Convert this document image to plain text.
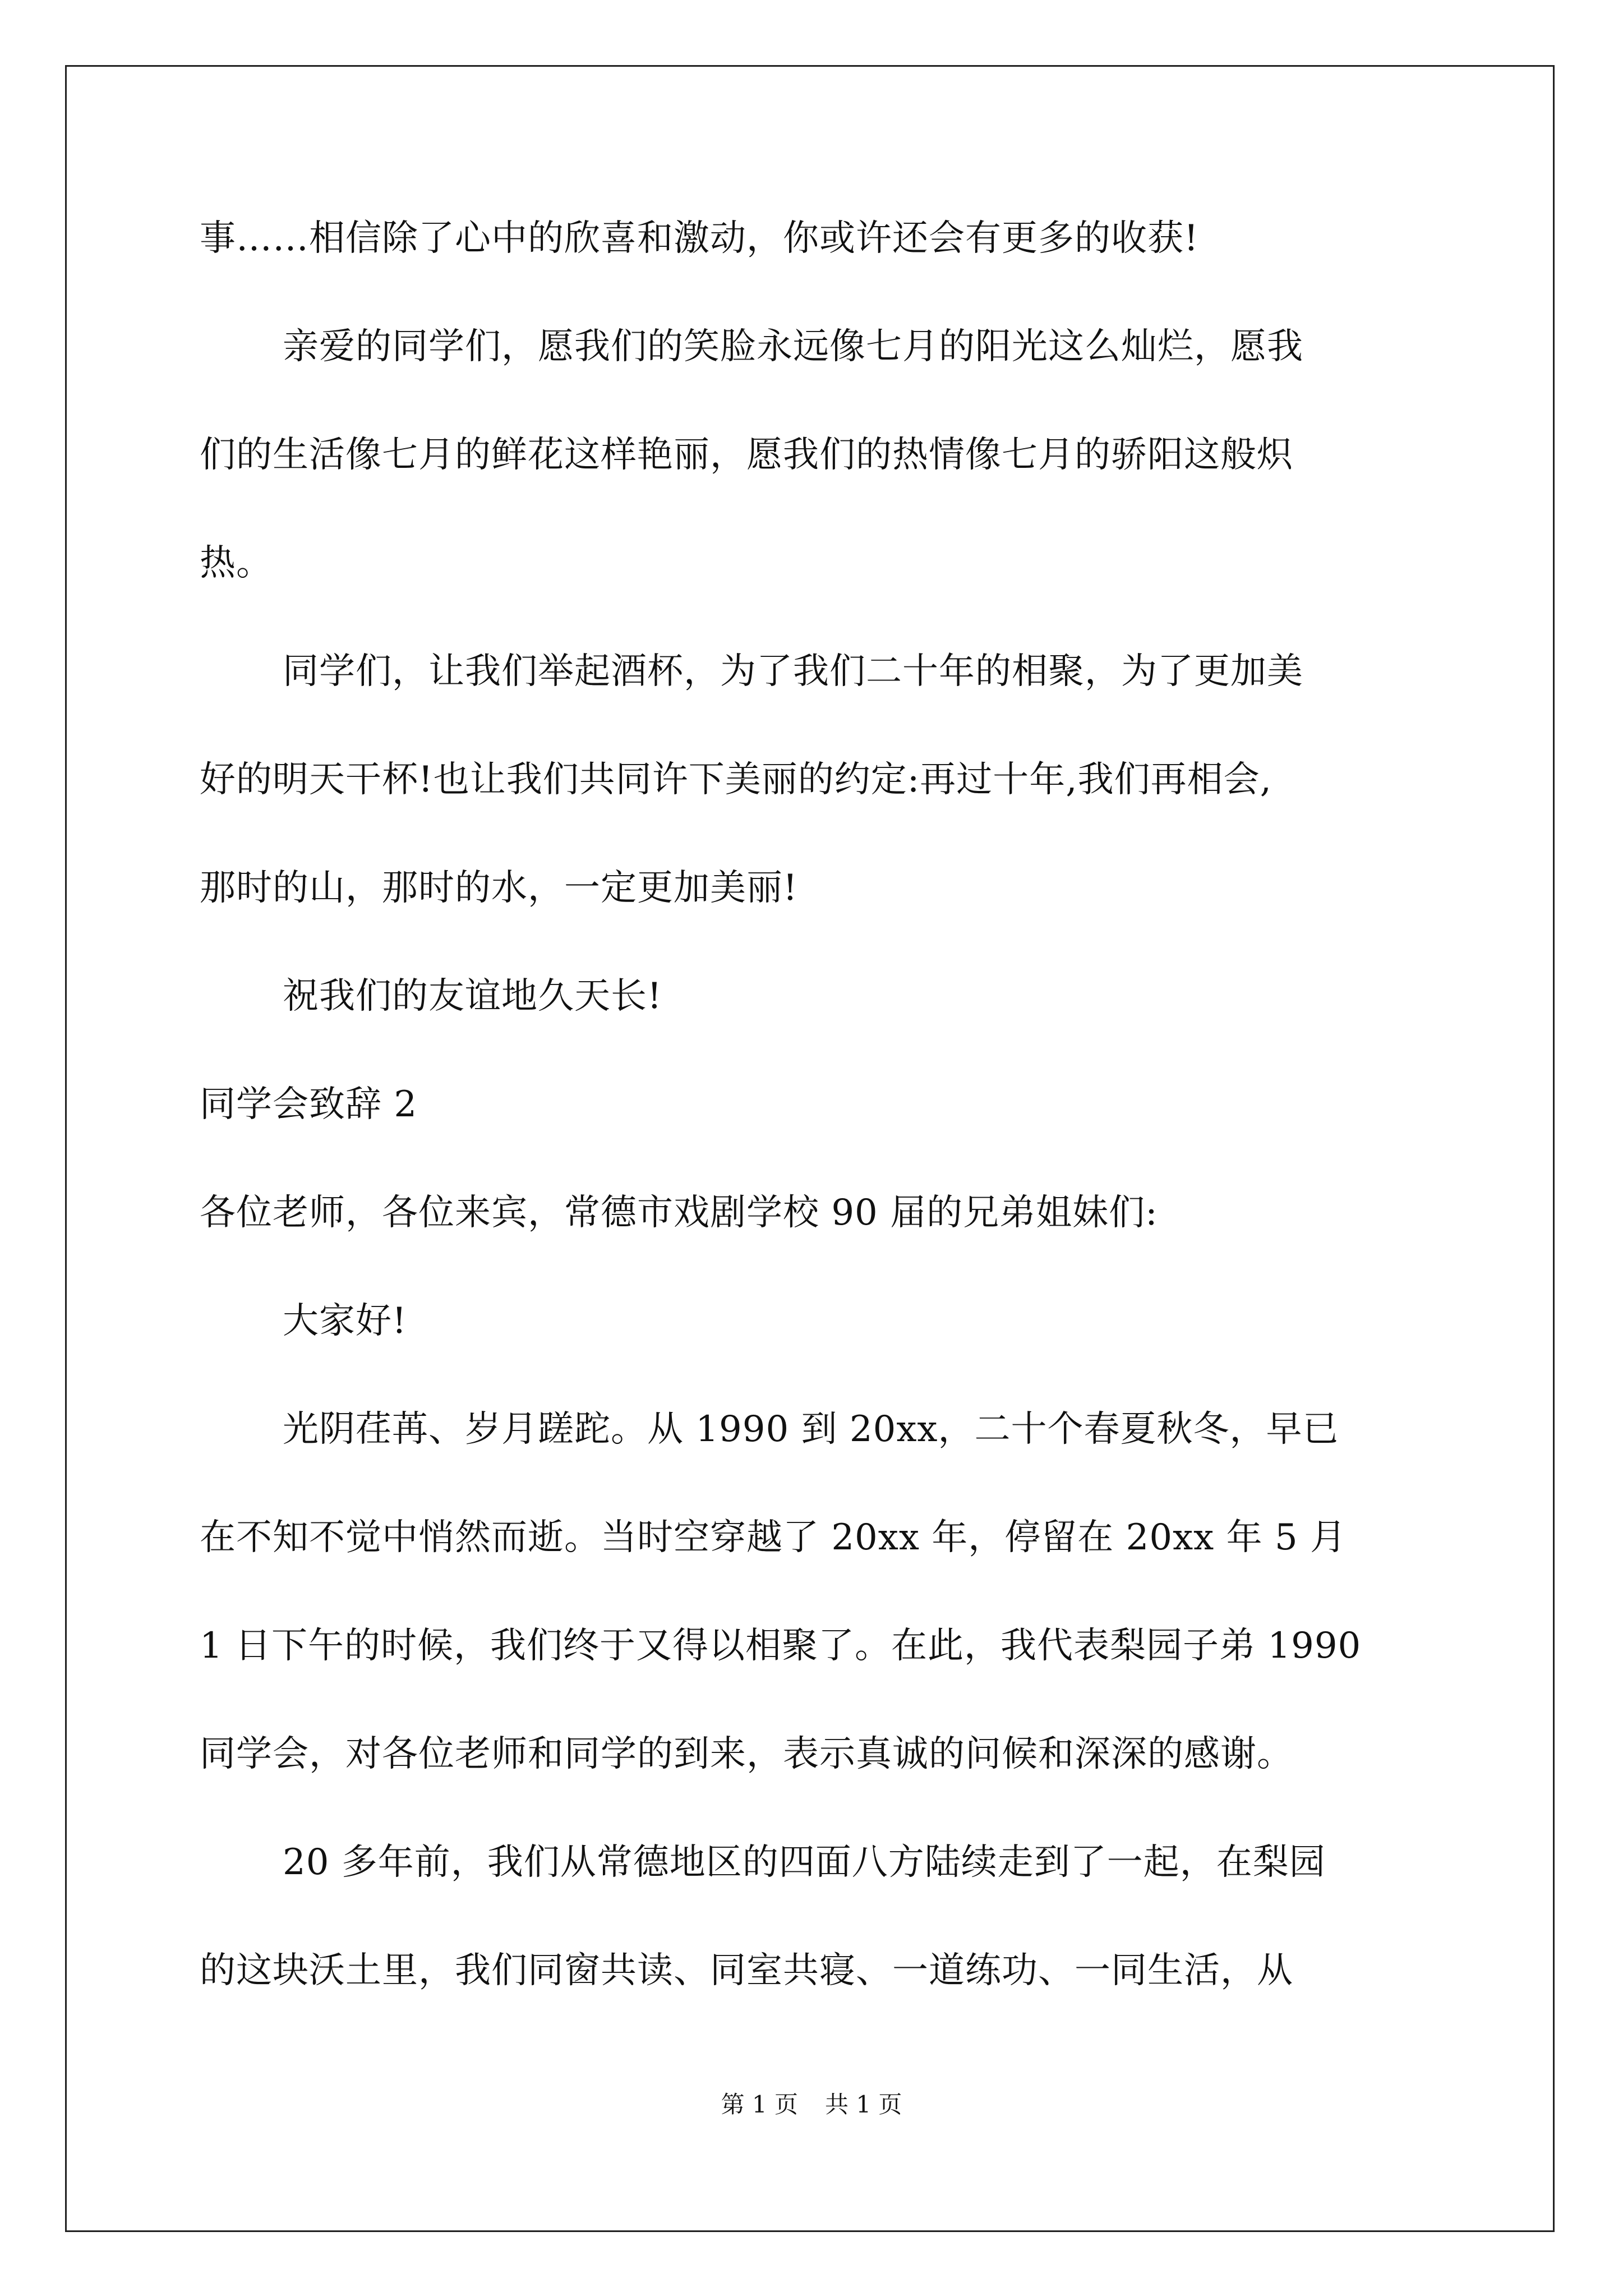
事……相信除了心中的欣喜和激动，你或许还会有更多的收获!
亲爱的同学们，愿我们的笑脸永远像七月的阳光这么灿烂，愿我
们的生活像七月的鲜花这样艳丽，愿我们的热情像七月的骄阳这般炽
热。
同学们，让我们举起酒杯，为了我们二十年的相聚，为了更加美
好的明天干杯!也让我们共同许下美丽的约定:再过十年,我们再相会,
那时的山，那时的水，一定更加美丽!
祝我们的友谊地久天长!
同学会致辞 2
各位老师，各位来宾，常德市戏剧学校 90 届的兄弟姐妹们:
大家好!
光阴荏苒、岁月蹉跎。从 1990 到 20xx，二十个春夏秋冬，早已
在不知不觉中悄然而逝。当时空穿越了 20xx 年，停留在 20xx 年 5 月
1 日下午的时候，我们终于又得以相聚了。在此，我代表梨园子弟 1990
同学会，对各位老师和同学的到来，表示真诚的问候和深深的感谢。
20 多年前，我们从常德地区的四面八方陆续走到了一起，在梨园
的这块沃土里，我们同窗共读、同室共寝、一道练功、一同生活，从
第 1 页 共 1 页
